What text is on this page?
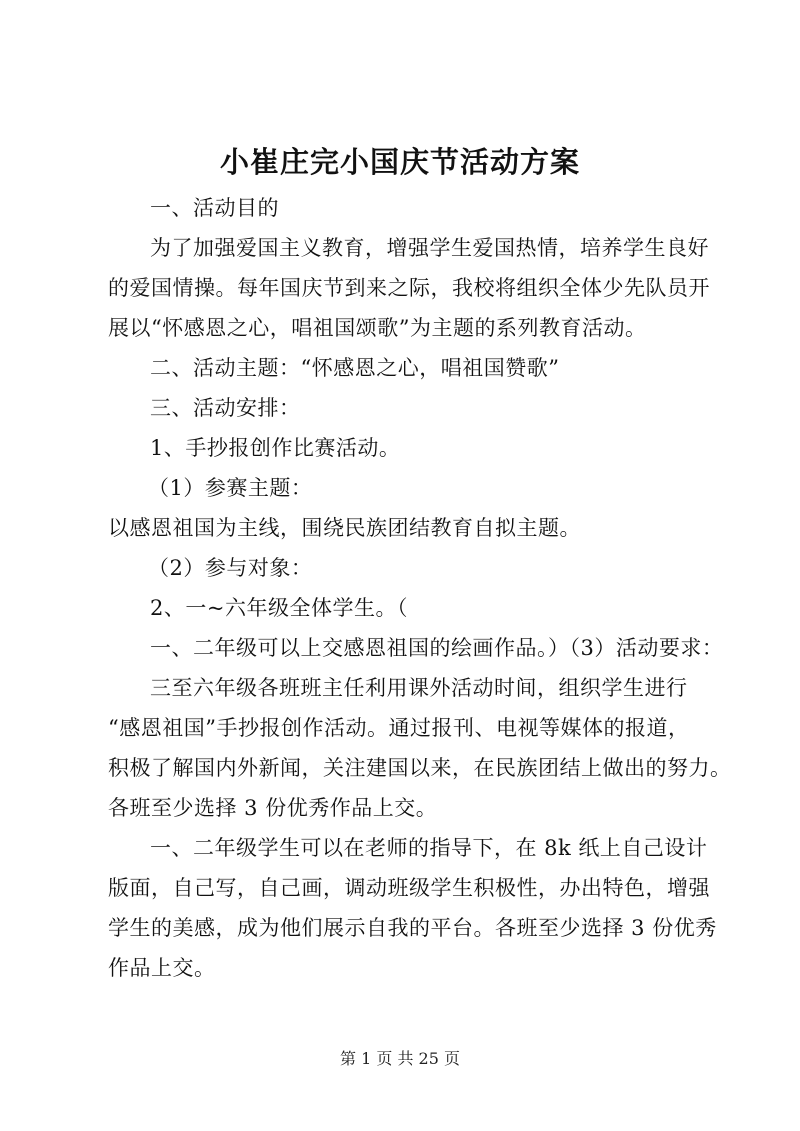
小崔庄完小国庆节活动方案
一、活动目的
为了加强爱国主义教育，增强学生爱国热情，培养学生良好
的爱国情操。每年国庆节到来之际，我校将组织全体少先队员开
展以“怀感恩之心，唱祖国颂歌”为主题的系列教育活动。
二、活动主题：“怀感恩之心，唱祖国赞歌”
三、活动安排：
1、手抄报创作比赛活动。
（1）参赛主题：
以感恩祖国为主线，围绕民族团结教育自拟主题。
（2）参与对象：
2、一~六年级全体学生。（
一、二年级可以上交感恩祖国的绘画作品。）（3）活动要求：
三至六年级各班班主任利用课外活动时间，组织学生进行
“感恩祖国”手抄报创作活动。通过报刊、电视等媒体的报道，
积极了解国内外新闻，关注建国以来，在民族团结上做出的努力。
各班至少选择 3 份优秀作品上交。
一、二年级学生可以在老师的指导下，在 8k 纸上自己设计
版面，自己写，自己画，调动班级学生积极性，办出特色，增强
学生的美感，成为他们展示自我的平台。各班至少选择 3 份优秀
作品上交。
第 1 页 共 25 页
